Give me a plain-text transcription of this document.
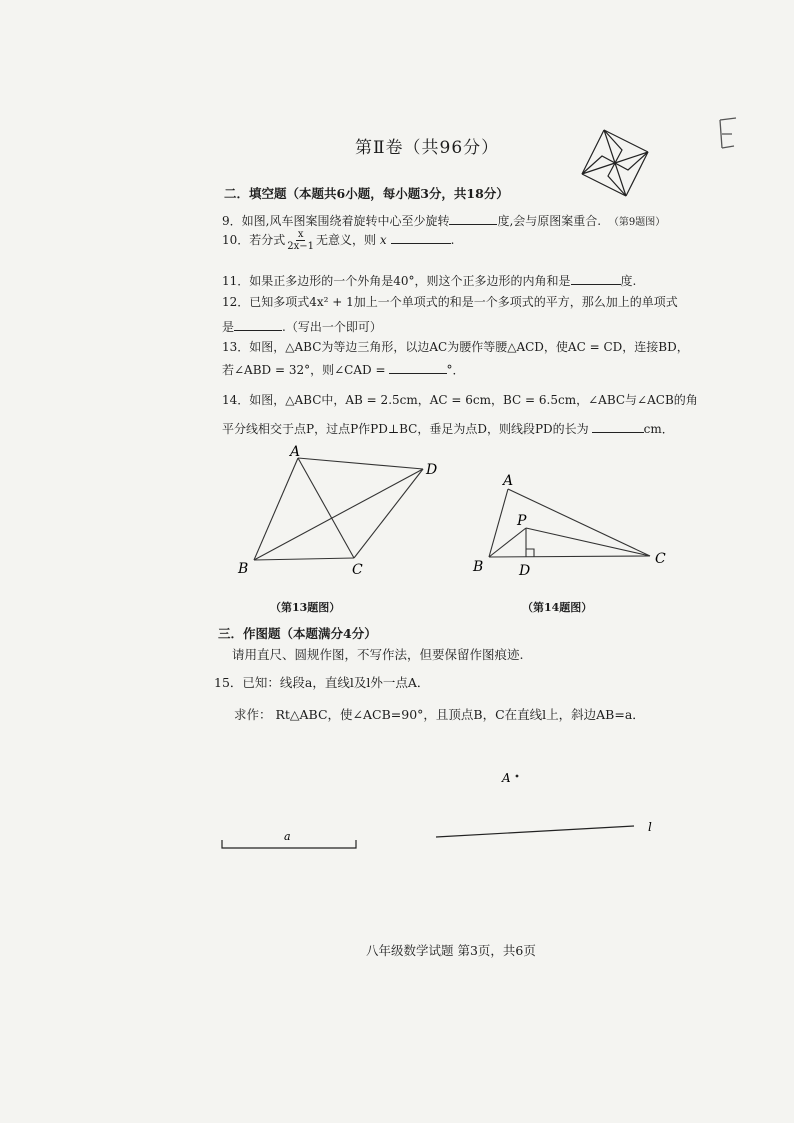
第Ⅱ卷（共96分）
二．填空题（本题共6小题，每小题3分，共18分）
9．如图,风车图案围绕着旋转中心至少旋转	度,会与原图案重合. （第9题图）
10．若分式 $\frac{x}{2x-1}$ 无意义，则 x	.
11．如果正多边形的一个外角是40°，则这个正多边形的内角和是	度.
12．已知多项式4x² + 1加上一个单项式的和是一个多项式的平方，那么加上的单项式
是	.（写出一个即可）
13．如图，△ABC为等边三角形，以边AC为腰作等腰△ACD，使AC = CD，连接BD，
若∠ABD = 32°，则∠CAD =	°．
14．如图，△ABC中，AB = 2.5cm，AC = 6cm，BC = 6.5cm，∠ABC与∠ACB的角
平分线相交于点P，过点P作PD⊥BC，垂足为点D，则线段PD的长为	cm．
A
B	C
D
A
P
B	D
C
（第13题图）	（第14题图）
三．作图题（本题满分4分）
请用直尺、圆规作图，不写作法，但要保留作图痕迹.
15．已知：线段a，直线l及l外一点A．
求作： Rt△ABC，使∠ACB=90°，且顶点B，C在直线l上，斜边AB=a．
A
a
l
八年级数学试题 第3页，共6页
